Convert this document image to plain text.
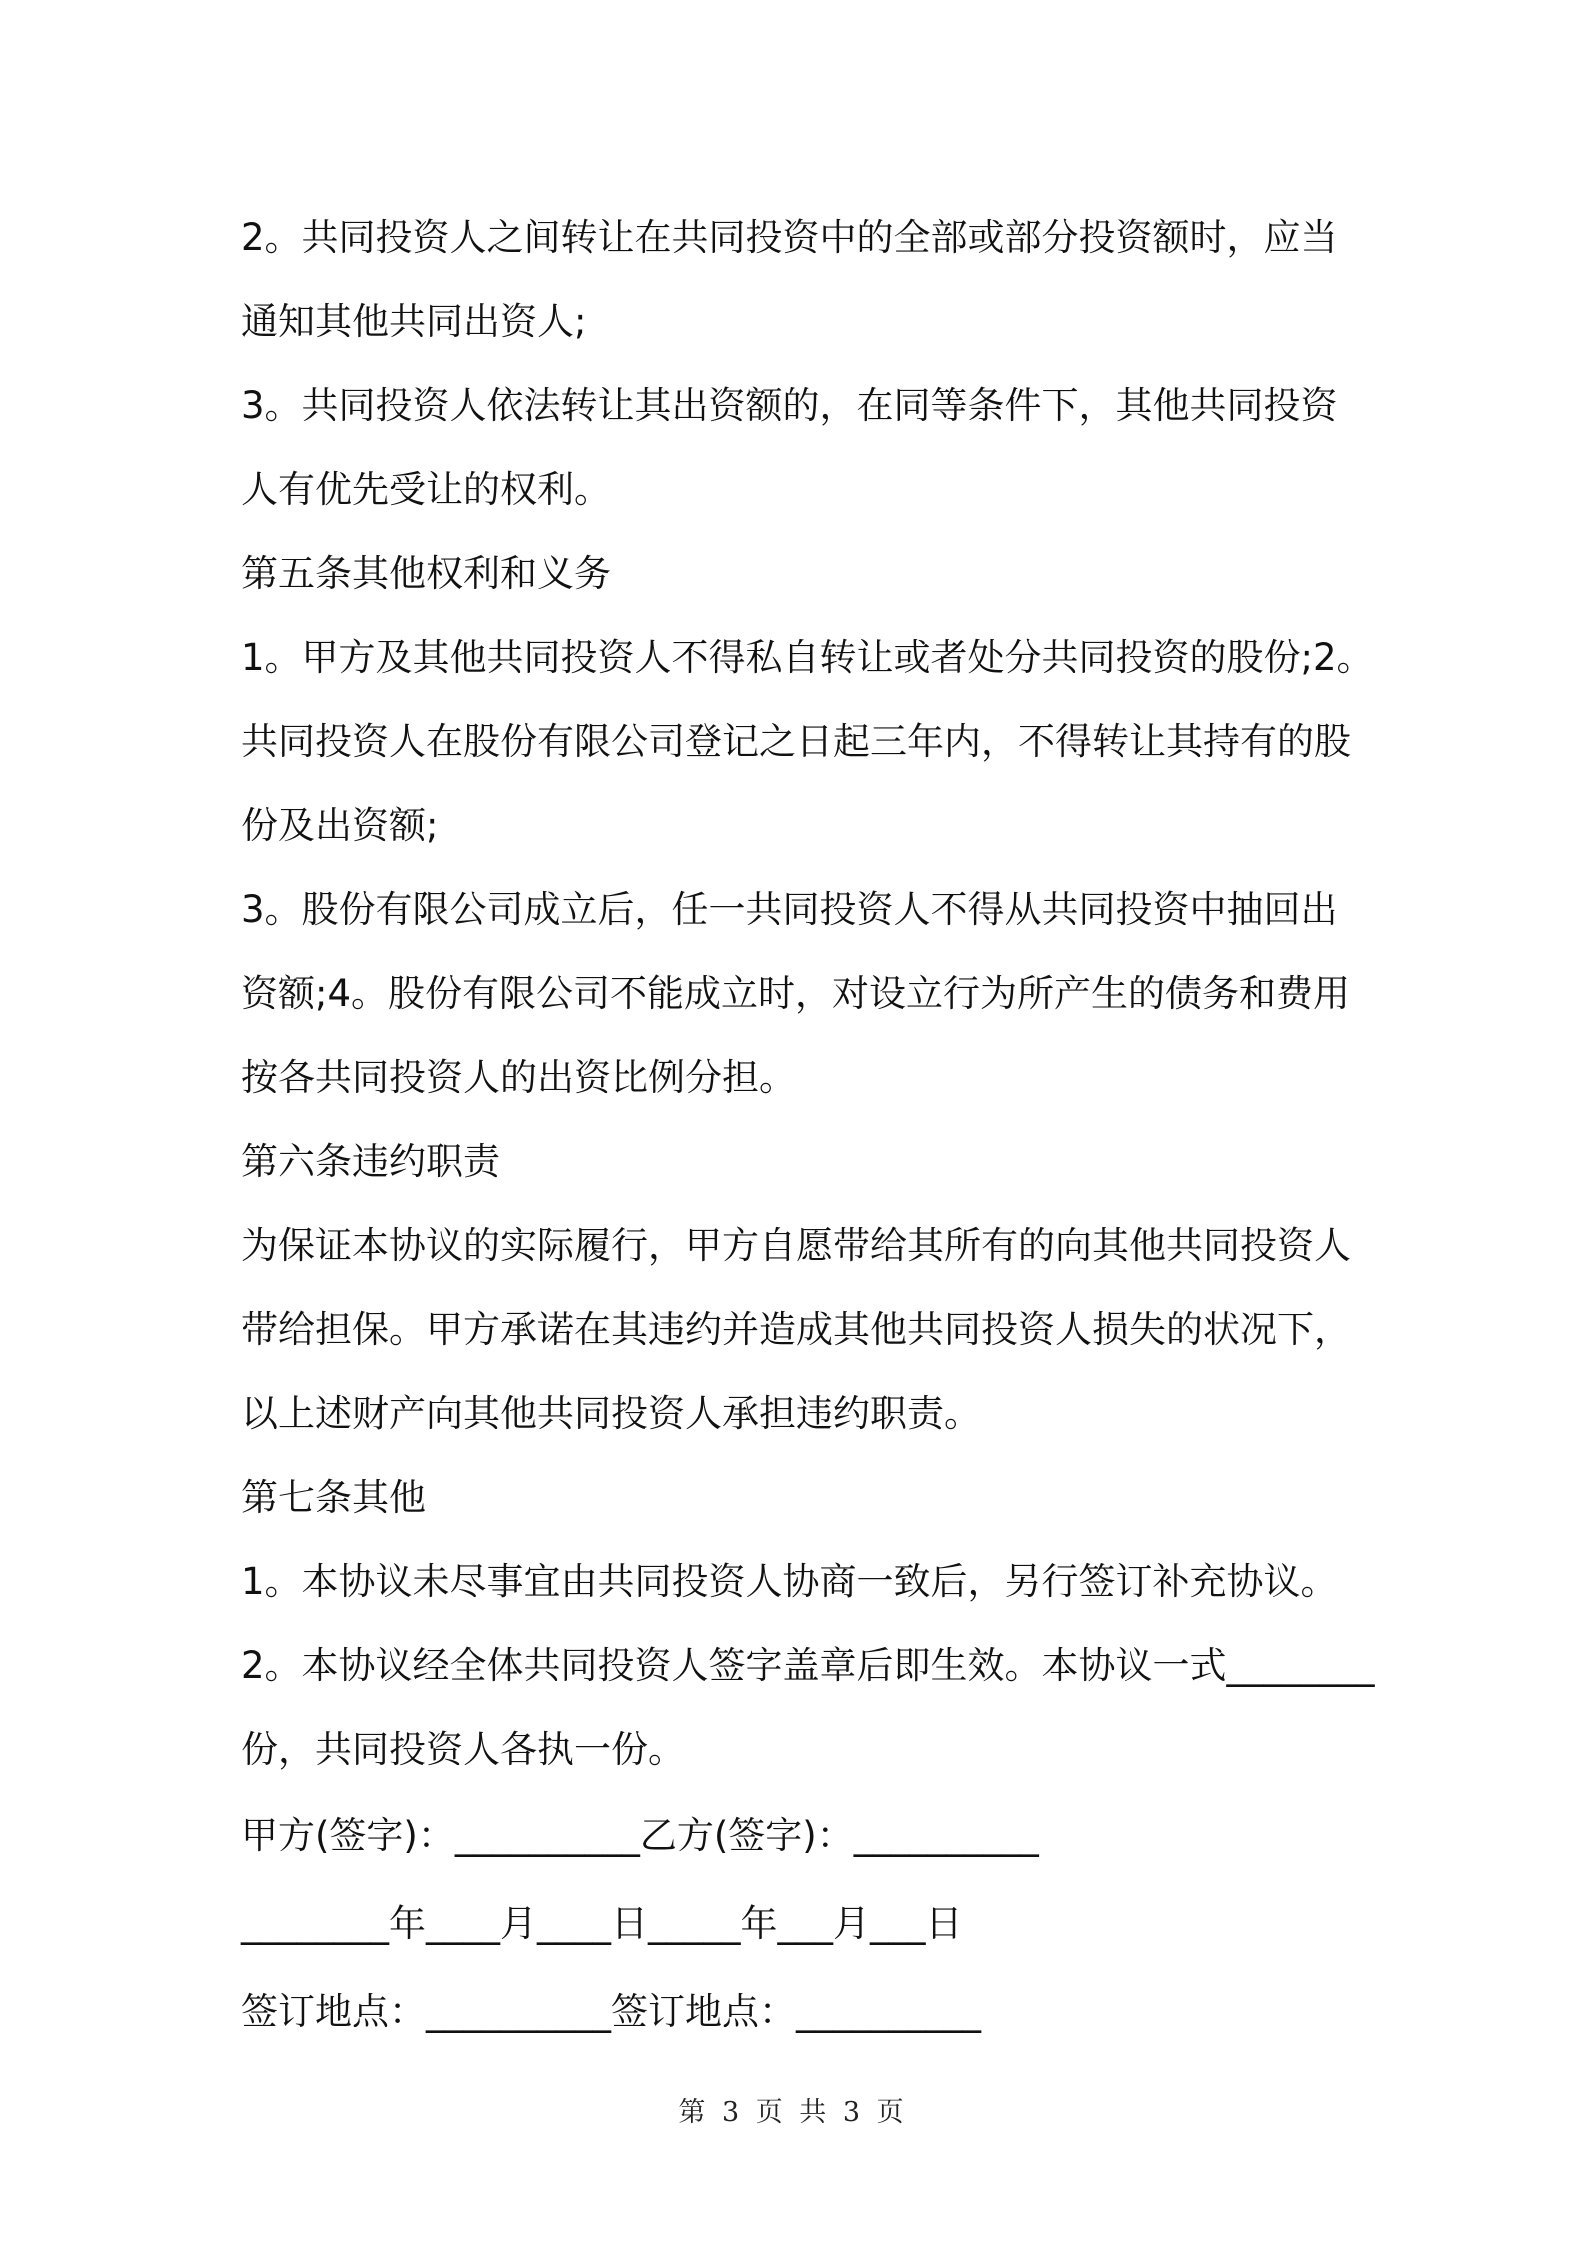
2。共同投资人之间转让在共同投资中的全部或部分投资额时，应当
通知其他共同出资人;
3。共同投资人依法转让其出资额的，在同等条件下，其他共同投资
人有优先受让的权利。
第五条其他权利和义务
1。甲方及其他共同投资人不得私自转让或者处分共同投资的股份;2。
共同投资人在股份有限公司登记之日起三年内，不得转让其持有的股
份及出资额;
3。股份有限公司成立后，任一共同投资人不得从共同投资中抽回出
资额;4。股份有限公司不能成立时，对设立行为所产生的债务和费用
按各共同投资人的出资比例分担。
第六条违约职责
为保证本协议的实际履行，甲方自愿带给其所有的向其他共同投资人
带给担保。甲方承诺在其违约并造成其他共同投资人损失的状况下，
以上述财产向其他共同投资人承担违约职责。
第七条其他
1。本协议未尽事宜由共同投资人协商一致后，另行签订补充协议。
2。本协议经全体共同投资人签字盖章后即生效。本协议一式________
份，共同投资人各执一份。
甲方(签字)：__________乙方(签字)：__________
________年____月____日_____年___月___日
签订地点：__________签订地点：__________
第 3 页 共 3 页
